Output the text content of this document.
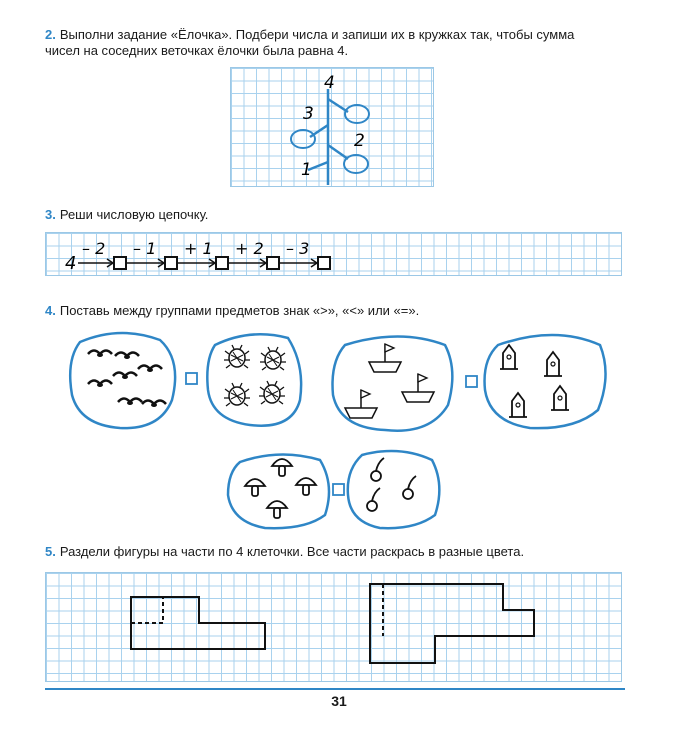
2. Выполни задание «Ёлочка». Подбери числа и запиши их в кружках так, чтобы сумма
чисел на соседних веточках ёлочки была равна 4.
4
3
2
1
3. Реши числовую цепочку.
4
– 2 – 1 + 1 + 2 – 3
4. Поставь между группами предметов знак «>», «<» или «=».
5. Раздели фигуры на части по 4 клеточки. Все части раскрась в разные цвета.
31
